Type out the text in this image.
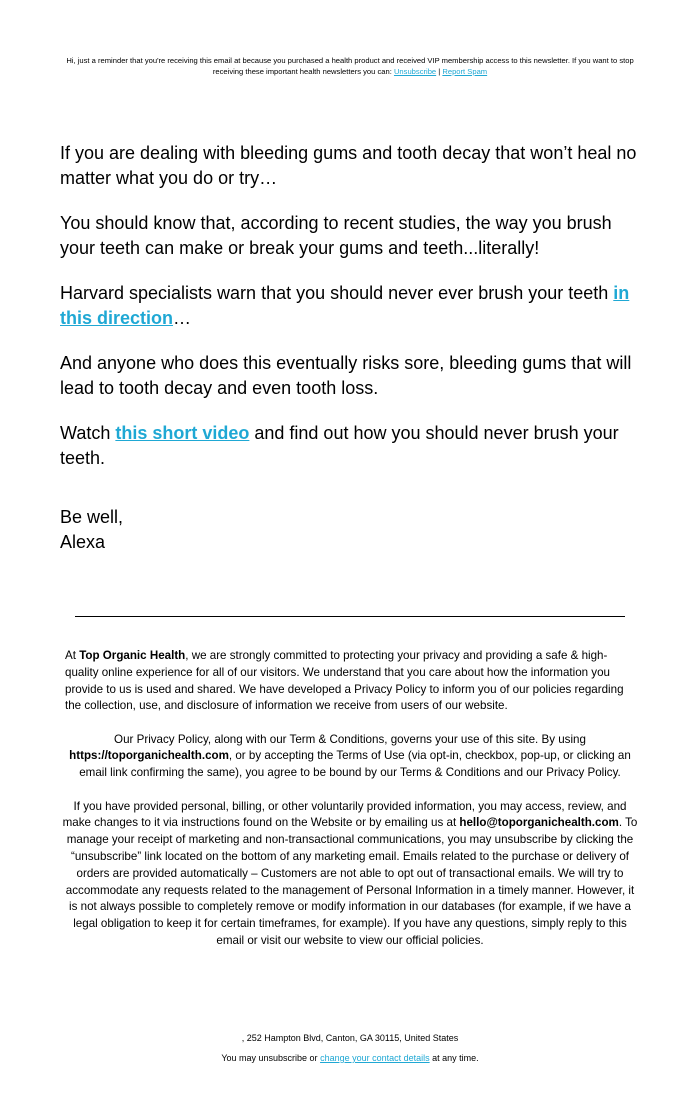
Hi, just a reminder that you're receiving this email at because you purchased a health product and received VIP membership access to this newsletter. If you want to stop receiving these important health newsletters you can: Unsubscribe | Report Spam

If you are dealing with bleeding gums and tooth decay that won’t heal no matter what you do or try…

You should know that, according to recent studies, the way you brush your teeth can make or break your gums and teeth...literally!

Harvard specialists warn that you should never ever brush your teeth in this direction…

And anyone who does this eventually risks sore, bleeding gums that will lead to tooth decay and even tooth loss.

Watch this short video and find out how you should never brush your teeth.

Be well,
Alexa

At Top Organic Health, we are strongly committed to protecting your privacy and providing a safe & high-quality online experience for all of our visitors. We understand that you care about how the information you provide to us is used and shared. We have developed a Privacy Policy to inform you of our policies regarding the collection, use, and disclosure of information we receive from users of our website.

Our Privacy Policy, along with our Term & Conditions, governs your use of this site. By using https://toporganichealth.com, or by accepting the Terms of Use (via opt-in, checkbox, pop-up, or clicking an email link confirming the same), you agree to be bound by our Terms & Conditions and our Privacy Policy.

If you have provided personal, billing, or other voluntarily provided information, you may access, review, and make changes to it via instructions found on the Website or by emailing us at hello@toporganichealth.com. To manage your receipt of marketing and non-transactional communications, you may unsubscribe by clicking the “unsubscribe” link located on the bottom of any marketing email. Emails related to the purchase or delivery of orders are provided automatically – Customers are not able to opt out of transactional emails. We will try to accommodate any requests related to the management of Personal Information in a timely manner. However, it is not always possible to completely remove or modify information in our databases (for example, if we have a legal obligation to keep it for certain timeframes, for example). If you have any questions, simply reply to this email or visit our website to view our official policies.

, 252 Hampton Blvd, Canton, GA 30115, United States
You may unsubscribe or change your contact details at any time.
